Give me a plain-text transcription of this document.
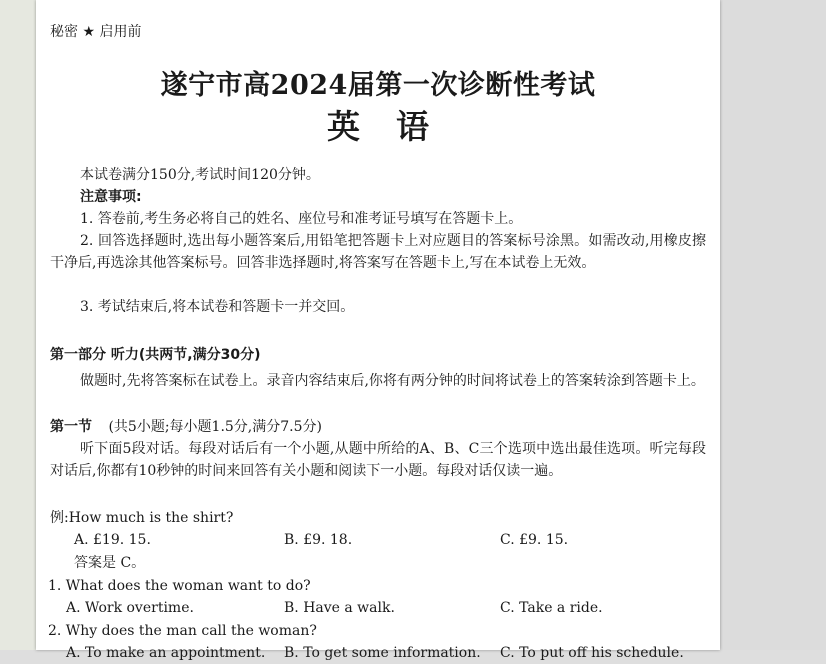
秘密 ★ 启用前
遂宁市高2024届第一次诊断性考试
英语
本试卷满分150分,考试时间120分钟。
注意事项:
1. 答卷前,考生务必将自己的姓名、座位号和准考证号填写在答题卡上。
2. 回答选择题时,选出每小题答案后,用铅笔把答题卡上对应题目的答案标号涂黑。如需改动,用橡皮擦干净后,再选涂其他答案标号。回答非选择题时,将答案写在答题卡上,写在本试卷上无效。
3. 考试结束后,将本试卷和答题卡一并交回。
第一部分 听力(共两节,满分30分)
做题时,先将答案标在试卷上。录音内容结束后,你将有两分钟的时间将试卷上的答案转涂到答题卡上。
第一节 (共5小题;每小题1.5分,满分7.5分)
听下面5段对话。每段对话后有一个小题,从题中所给的A、B、C三个选项中选出最佳选项。听完每段对话后,你都有10秒钟的时间来回答有关小题和阅读下一小题。每段对话仅读一遍。
例:How much is the shirt?
A. £19. 15.	B. £9. 18.	C. £9. 15.
答案是 C。
1. What does the woman want to do?
A. Work overtime.	B. Have a walk.	C. Take a ride.
2. Why does the man call the woman?
A. To make an appointment. B. To get some information. C. To put off his schedule.
